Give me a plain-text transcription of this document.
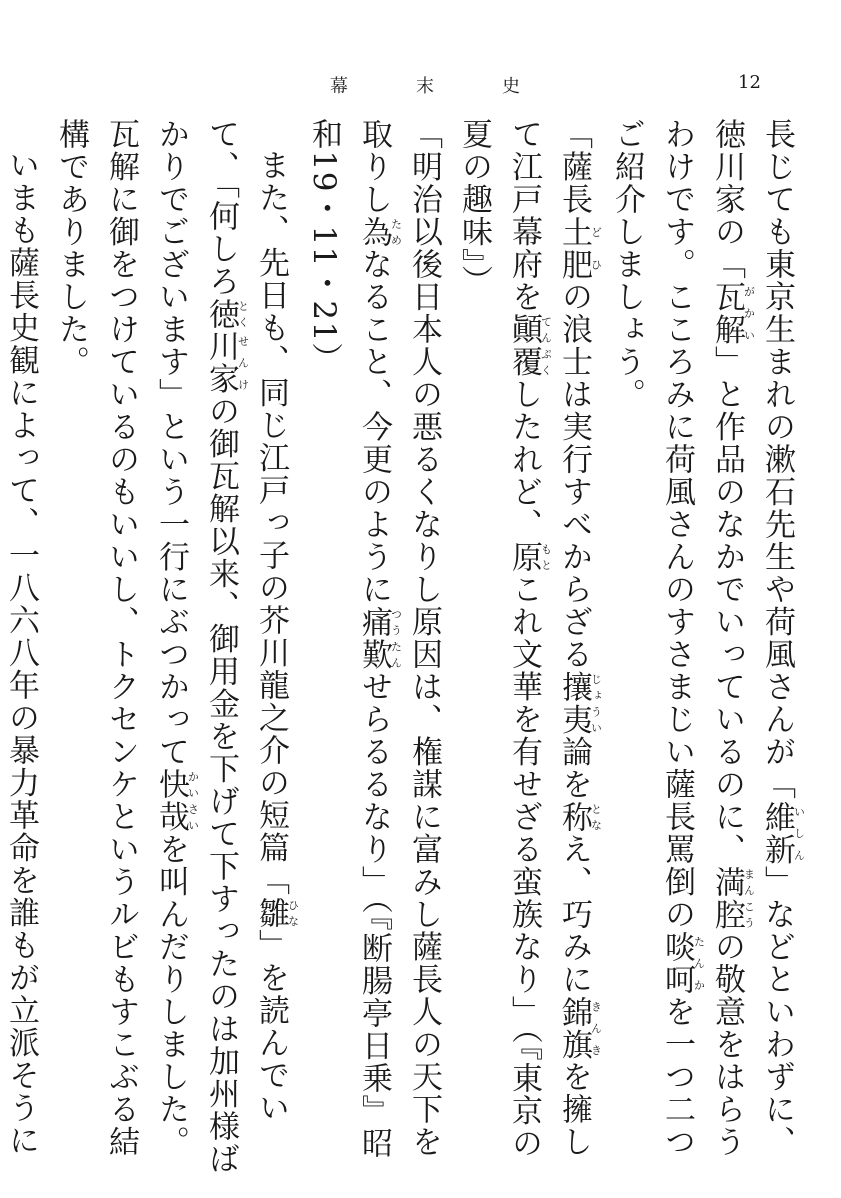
幕	末	史	12

長じても東京生まれの漱石先生や荷風さんが「維新いしん」などといわずに、徳川家の「瓦解がかい」と作品のなかでいっているのに、満腔まんこうの敬意をはらうわけです。こころみに荷風さんのすさまじい薩長罵倒の啖呵たんかを一つ二つご紹介しましょう。

「薩長土肥どひの浪士は実行すべからざる攘夷じょうい論を称となえ、巧みに錦旗きんきを擁して江戸幕府を顚覆てんぷくしたれど、原もとこれ文華を有せざる蛮族なり」（『東京の夏の趣味』）

「明治以後日本人の悪るくなりし原因は、権謀に富みし薩長人の天下を取りし為ためなること、今更のように痛歎つうたんせらるるなり」（『断腸亭日乗』昭和19・11・21）

また、先日も、同じ江戸っ子の芥川龍之介の短篇「雛ひな」を読んでいて、「何しろ徳とく川家せんけの御瓦解以来、御用金を下げて下すったのは加州様ばかりでございます」という一行にぶつかって快哉かいさいを叫んだりしました。瓦解に御をつけているのもいいし、トクセンケというルビもすこぶる結構でありました。

いまも薩長史観によって、一八六八年の暴力革命を誰もが立派そうに
